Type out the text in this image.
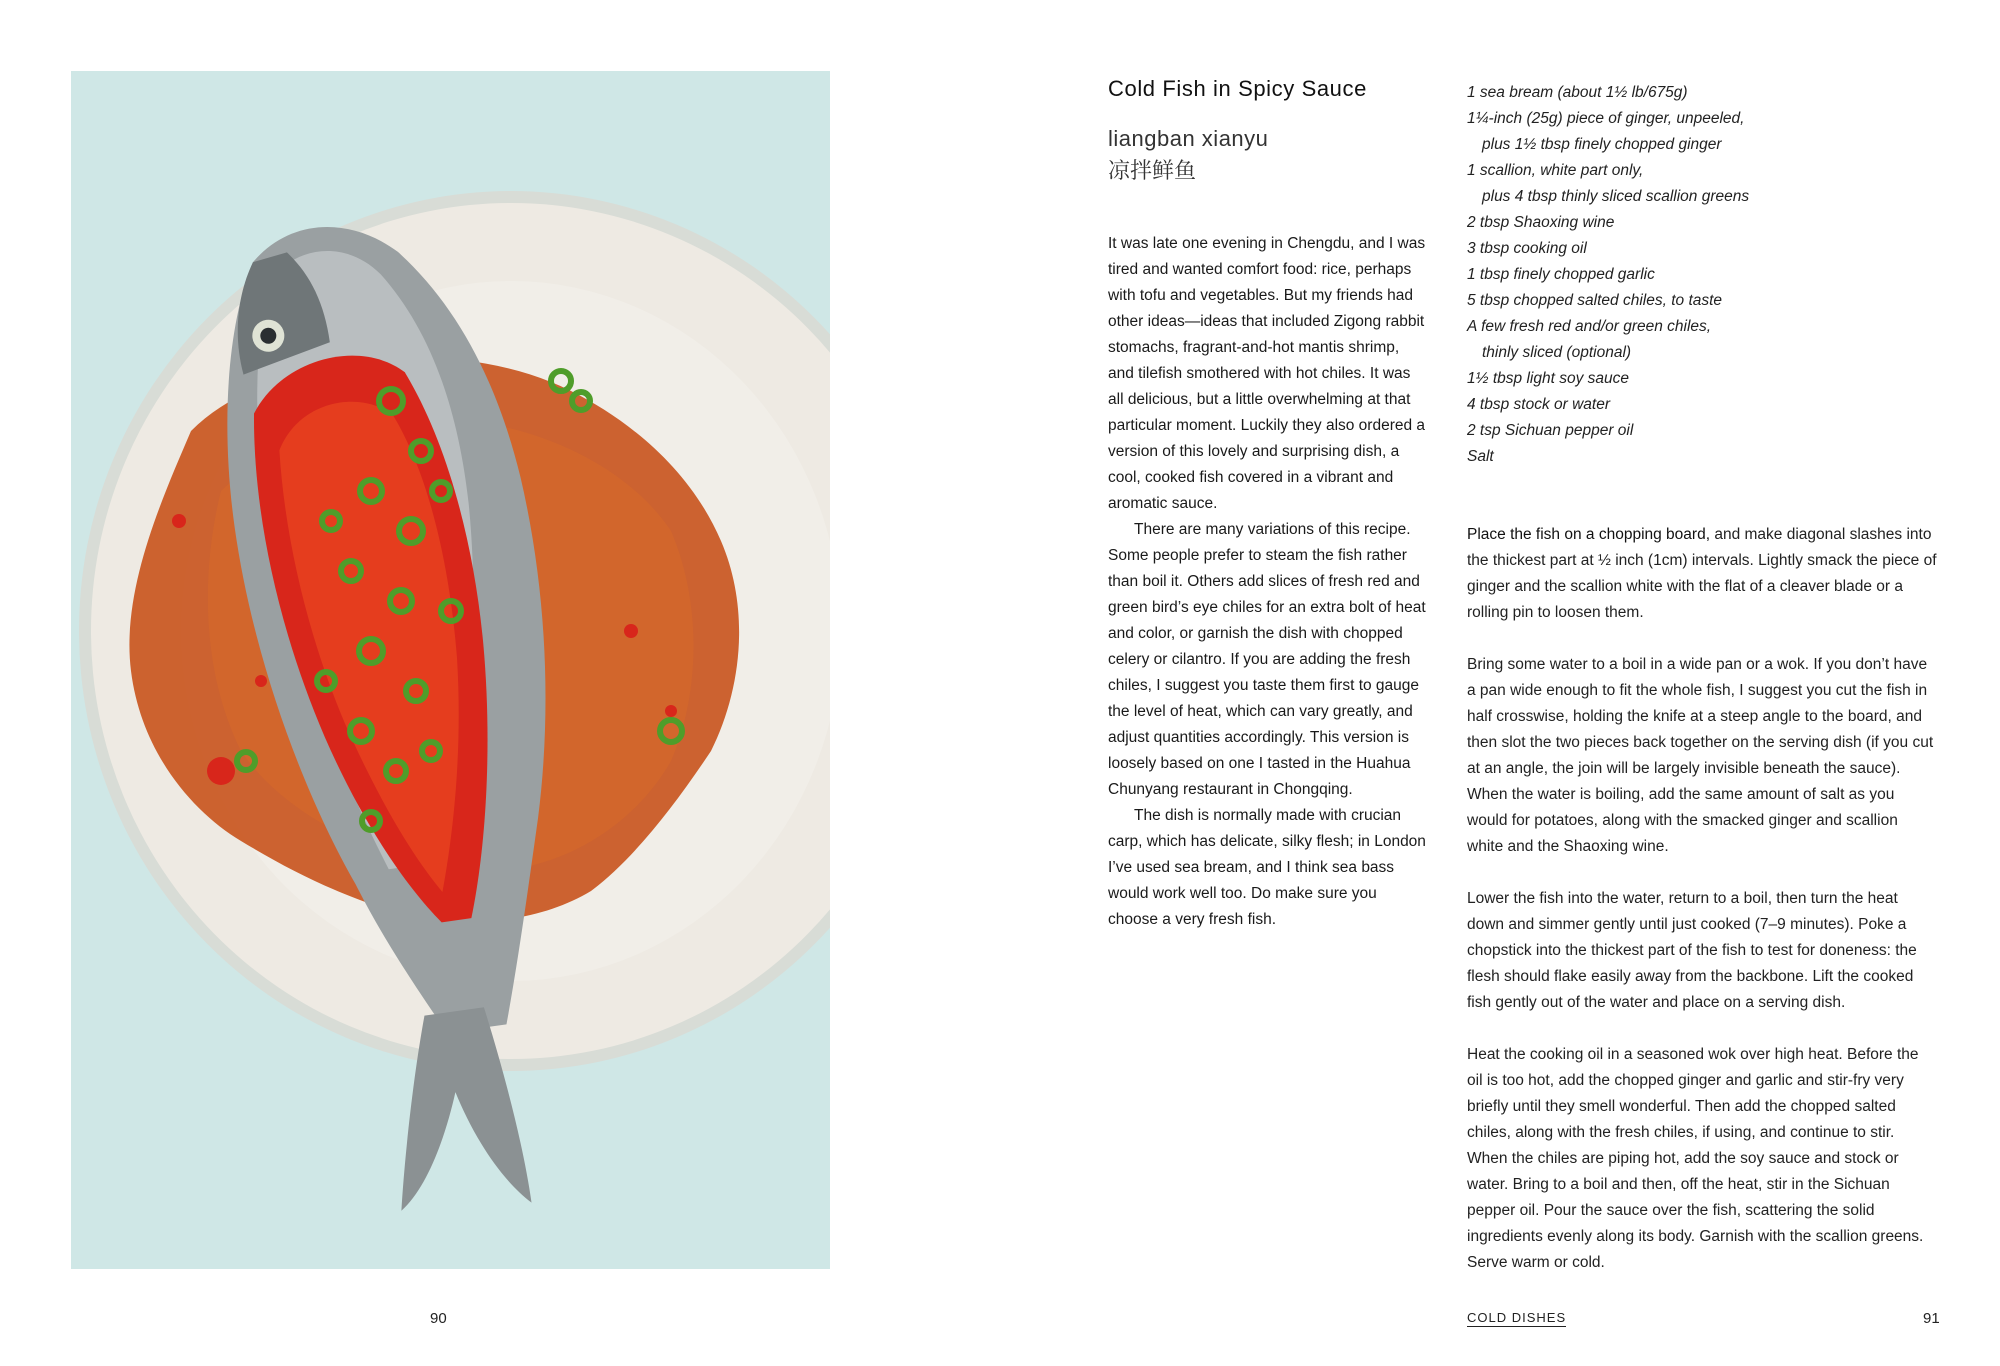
90
Cold Fish in Spicy Sauce
liangban xianyu
凉拌鲜鱼

It was late one evening in Chengdu, and I was tired and wanted comfort food: rice, perhaps with tofu and vegetables. But my friends had other ideas—ideas that included Zigong rabbit stomachs, fragrant-and-hot mantis shrimp, and tilefish smothered with hot chiles. It was all delicious, but a little overwhelming at that particular moment. Luckily they also ordered a version of this lovely and surprising dish, a cool, cooked fish covered in a vibrant and aromatic sauce.

There are many variations of this recipe. Some people prefer to steam the fish rather than boil it. Others add slices of fresh red and green bird’s eye chiles for an extra bolt of heat and color, or garnish the dish with chopped celery or cilantro. If you are adding the fresh chiles, I suggest you taste them first to gauge the level of heat, which can vary greatly, and adjust quantities accordingly. This version is loosely based on one I tasted in the Huahua Chunyang restaurant in Chongqing.

The dish is normally made with crucian carp, which has delicate, silky flesh; in London I’ve used sea bream, and I think sea bass would work well too. Do make sure you choose a very fresh fish.

1 sea bream (about 1½ lb/675g)
1¼-inch (25g) piece of ginger, unpeeled,
plus 1½ tbsp finely chopped ginger
1 scallion, white part only,
plus 4 tbsp thinly sliced scallion greens
2 tbsp Shaoxing wine
3 tbsp cooking oil
1 tbsp finely chopped garlic
5 tbsp chopped salted chiles, to taste
A few fresh red and/or green chiles,
thinly sliced (optional)
1½ tbsp light soy sauce
4 tbsp stock or water
2 tsp Sichuan pepper oil
Salt

Place the fish on a chopping board, and make diagonal slashes into the thickest part at ½ inch (1cm) intervals. Lightly smack the piece of ginger and the scallion white with the flat of a cleaver blade or a rolling pin to loosen them.

Bring some water to a boil in a wide pan or a wok. If you don’t have a pan wide enough to fit the whole fish, I suggest you cut the fish in half crosswise, holding the knife at a steep angle to the board, and then slot the two pieces back together on the serving dish (if you cut at an angle, the join will be largely invisible beneath the sauce). When the water is boiling, add the same amount of salt as you would for potatoes, along with the smacked ginger and scallion white and the Shaoxing wine.

Lower the fish into the water, return to a boil, then turn the heat down and simmer gently until just cooked (7–9 minutes). Poke a chopstick into the thickest part of the fish to test for doneness: the flesh should flake easily away from the backbone. Lift the cooked fish gently out of the water and place on a serving dish.

Heat the cooking oil in a seasoned wok over high heat. Before the oil is too hot, add the chopped ginger and garlic and stir-fry very briefly until they smell wonderful. Then add the chopped salted chiles, along with the fresh chiles, if using, and continue to stir. When the chiles are piping hot, add the soy sauce and stock or water. Bring to a boil and then, off the heat, stir in the Sichuan pepper oil. Pour the sauce over the fish, scattering the solid ingredients evenly along its body. Garnish with the scallion greens. Serve warm or cold.

COLD DISHES	91
